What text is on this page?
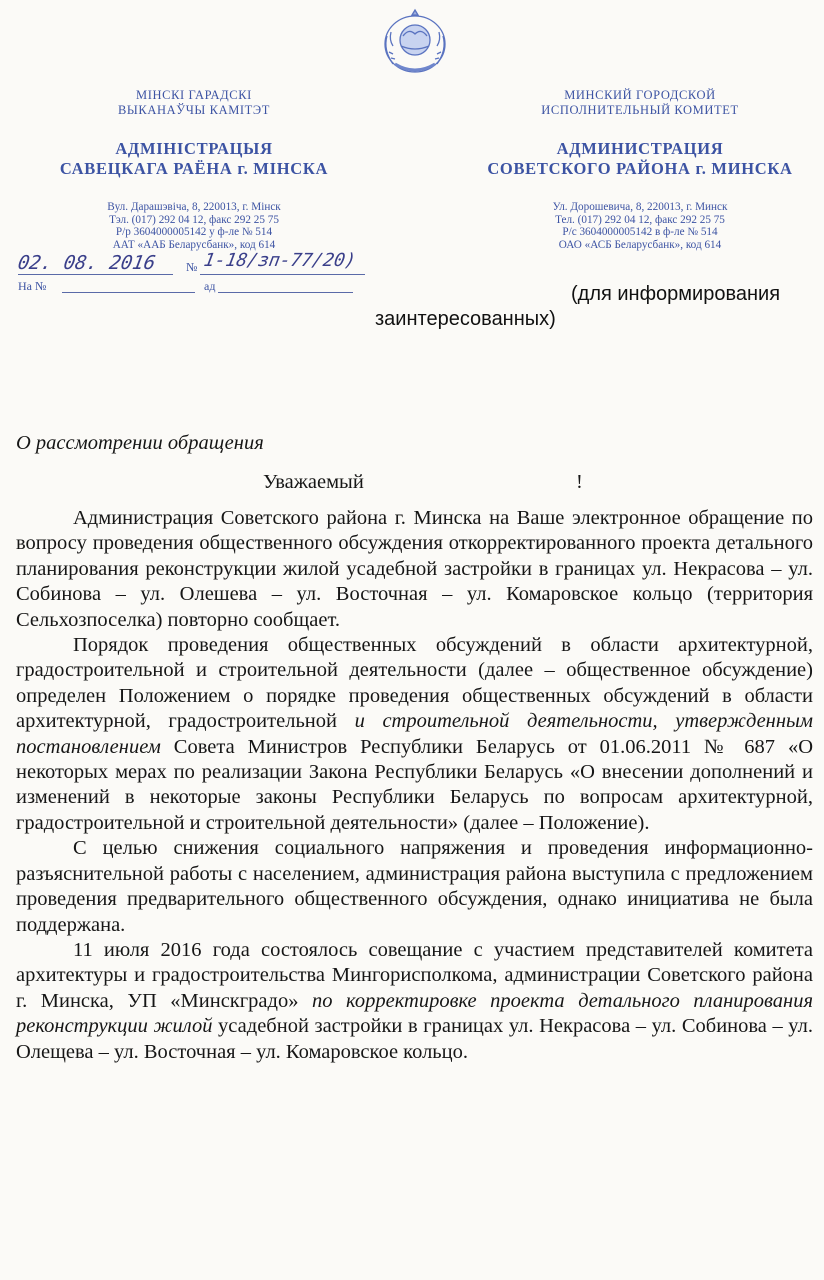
МІНСКІ ГАРАДСКІ
ВЫКАНАЎЧЫ КАМІТЭТ
АДМІНІСТРАЦЫЯ
САВЕЦКАГА РАЁНА г. МІНСКА
Вул. Дарашэвіча, 8, 220013, г. Мінск
Тэл. (017) 292 04 12, факс 292 25 75
Р/р 3604000005142 у ф-ле № 514
ААТ «ААБ Беларусбанк», код 614
МИНСКИЙ ГОРОДСКОЙ
ИСПОЛНИТЕЛЬНЫЙ КОМИТЕТ
АДМИНИСТРАЦИЯ
СОВЕТСКОГО РАЙОНА г. МИНСКА
Ул. Дорошевича, 8, 220013, г. Минск
Тел. (017) 292 04 12, факс 292 25 75
Р/с 3604000005142 в ф-ле № 514
ОАО «АСБ Беларусбанк», код 614
02. 08. 2016 № 1-18/зп-77/20)
На №	ад	(для информирования
заинтересованных)
О рассмотрении обращения
Уважаемый	!

Администрация Советского района г. Минска на Ваше электронное обращение по вопросу проведения общественного обсуждения откорректированного проекта детального планирования реконструкции жилой усадебной застройки в границах ул. Некрасова – ул. Собинова – ул. Олешева – ул. Восточная – ул. Комаровское кольцо (территория Сельхозпоселка) повторно сообщает.

Порядок проведения общественных обсуждений в области архитектурной, градостроительной и строительной деятельности (далее – общественное обсуждение) определен Положением о порядке проведения общественных обсуждений в области архитектурной, градостроительной и строительной деятельности, утвержденным постановлением Совета Министров Республики Беларусь от 01.06.2011 № 687 «О некоторых мерах по реализации Закона Республики Беларусь «О внесении дополнений и изменений в некоторые законы Республики Беларусь по вопросам архитектурной, градостроительной и строительной деятельности» (далее – Положение).

С целью снижения социального напряжения и проведения информационно-разъяснительной работы с населением, администрация района выступила с предложением проведения предварительного общественного обсуждения, однако инициатива не была поддержана.

11 июля 2016 года состоялось совещание с участием представителей комитета архитектуры и градостроительства Мингорисполкома, администрации Советского района г. Минска, УП «Минскградо» по корректировке проекта детального планирования реконструкции жилой усадебной застройки в границах ул. Некрасова – ул. Собинова – ул. Олещева – ул. Восточная – ул. Комаровское кольцо.
